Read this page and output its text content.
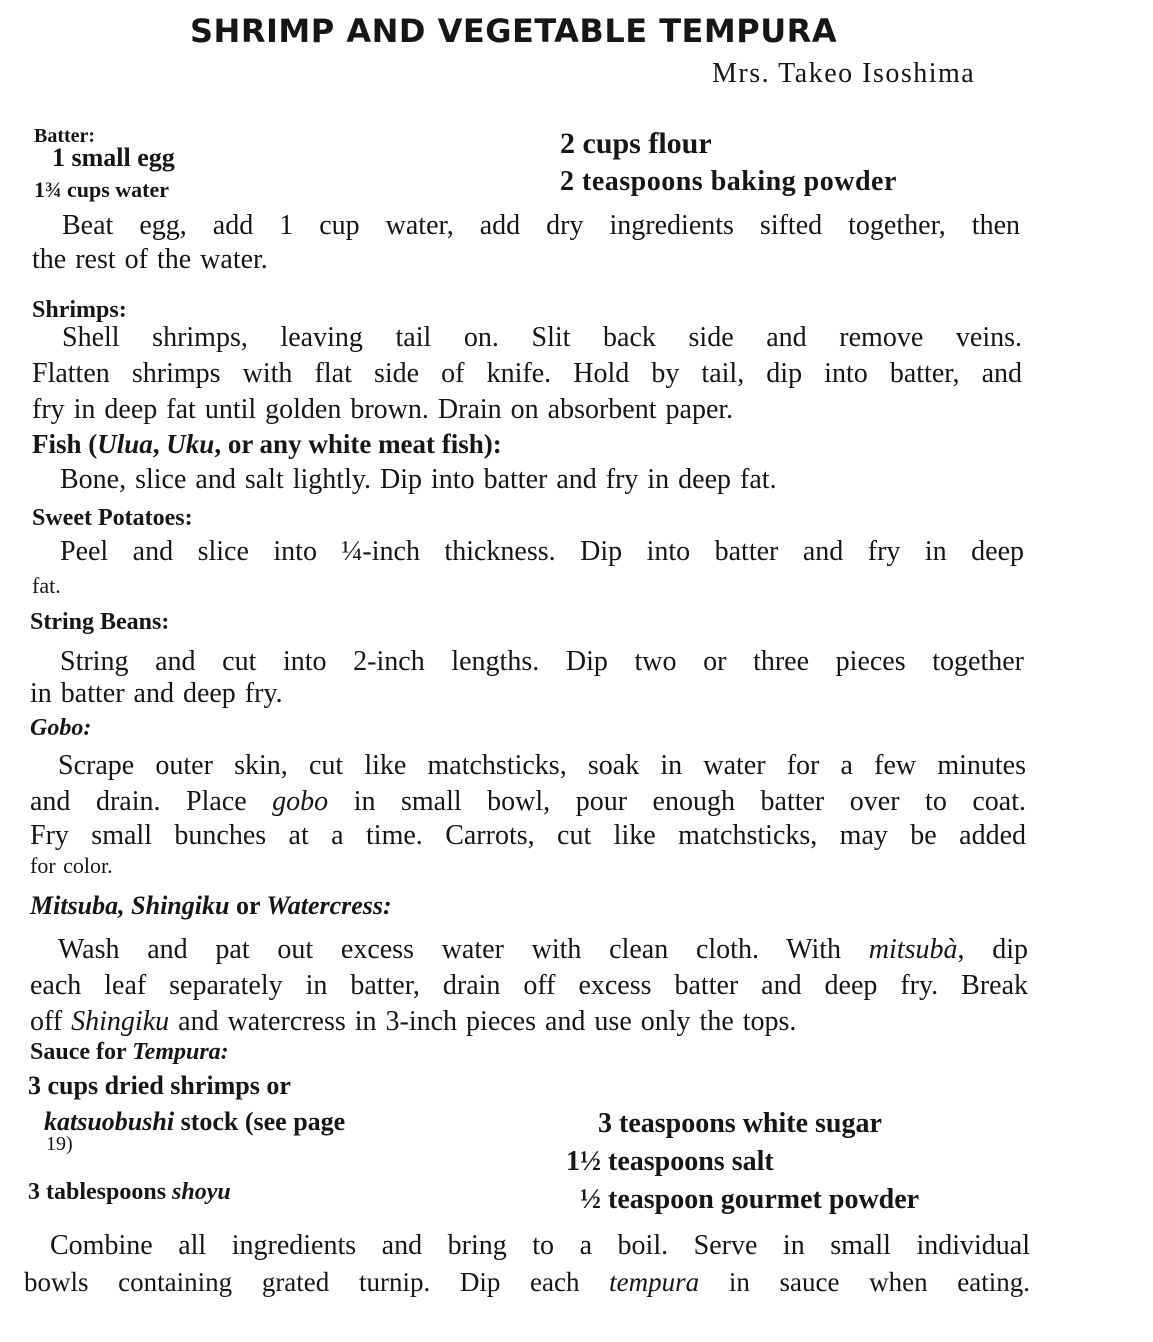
SHRIMP AND VEGETABLE TEMPURA
Mrs. Takeo Isoshima
Batter:
1 small egg
1¾ cups water
2 cups flour
2 teaspoons baking powder
Beat egg, add 1 cup water, add dry ingredients sifted together, then
the rest of the water.
Shrimps:
Shell shrimps, leaving tail on. Slit back side and remove veins.
Flatten shrimps with flat side of knife. Hold by tail, dip into batter, and
fry in deep fat until golden brown. Drain on absorbent paper.
Fish (Ulua, Uku, or any white meat fish):
Bone, slice and salt lightly. Dip into batter and fry in deep fat.
Sweet Potatoes:
Peel and slice into ¼-inch thickness. Dip into batter and fry in deep
fat.
String Beans:
String and cut into 2-inch lengths. Dip two or three pieces together
in batter and deep fry.
Gobo:
Scrape outer skin, cut like matchsticks, soak in water for a few minutes
and drain. Place gobo in small bowl, pour enough batter over to coat.
Fry small bunches at a time. Carrots, cut like matchsticks, may be added
for color.
Mitsuba, Shingiku or Watercress:
Wash and pat out excess water with clean cloth. With mitsubà, dip
each leaf separately in batter, drain off excess batter and deep fry. Break
off Shingiku and watercress in 3-inch pieces and use only the tops.
Sauce for Tempura:
3 cups dried shrimps or
katsuobushi stock (see page
19)
3 tablespoons shoyu
3 teaspoons white sugar
1½ teaspoons salt
½ teaspoon gourmet powder
Combine all ingredients and bring to a boil. Serve in small individual
bowls containing grated turnip. Dip each tempura in sauce when eating.
